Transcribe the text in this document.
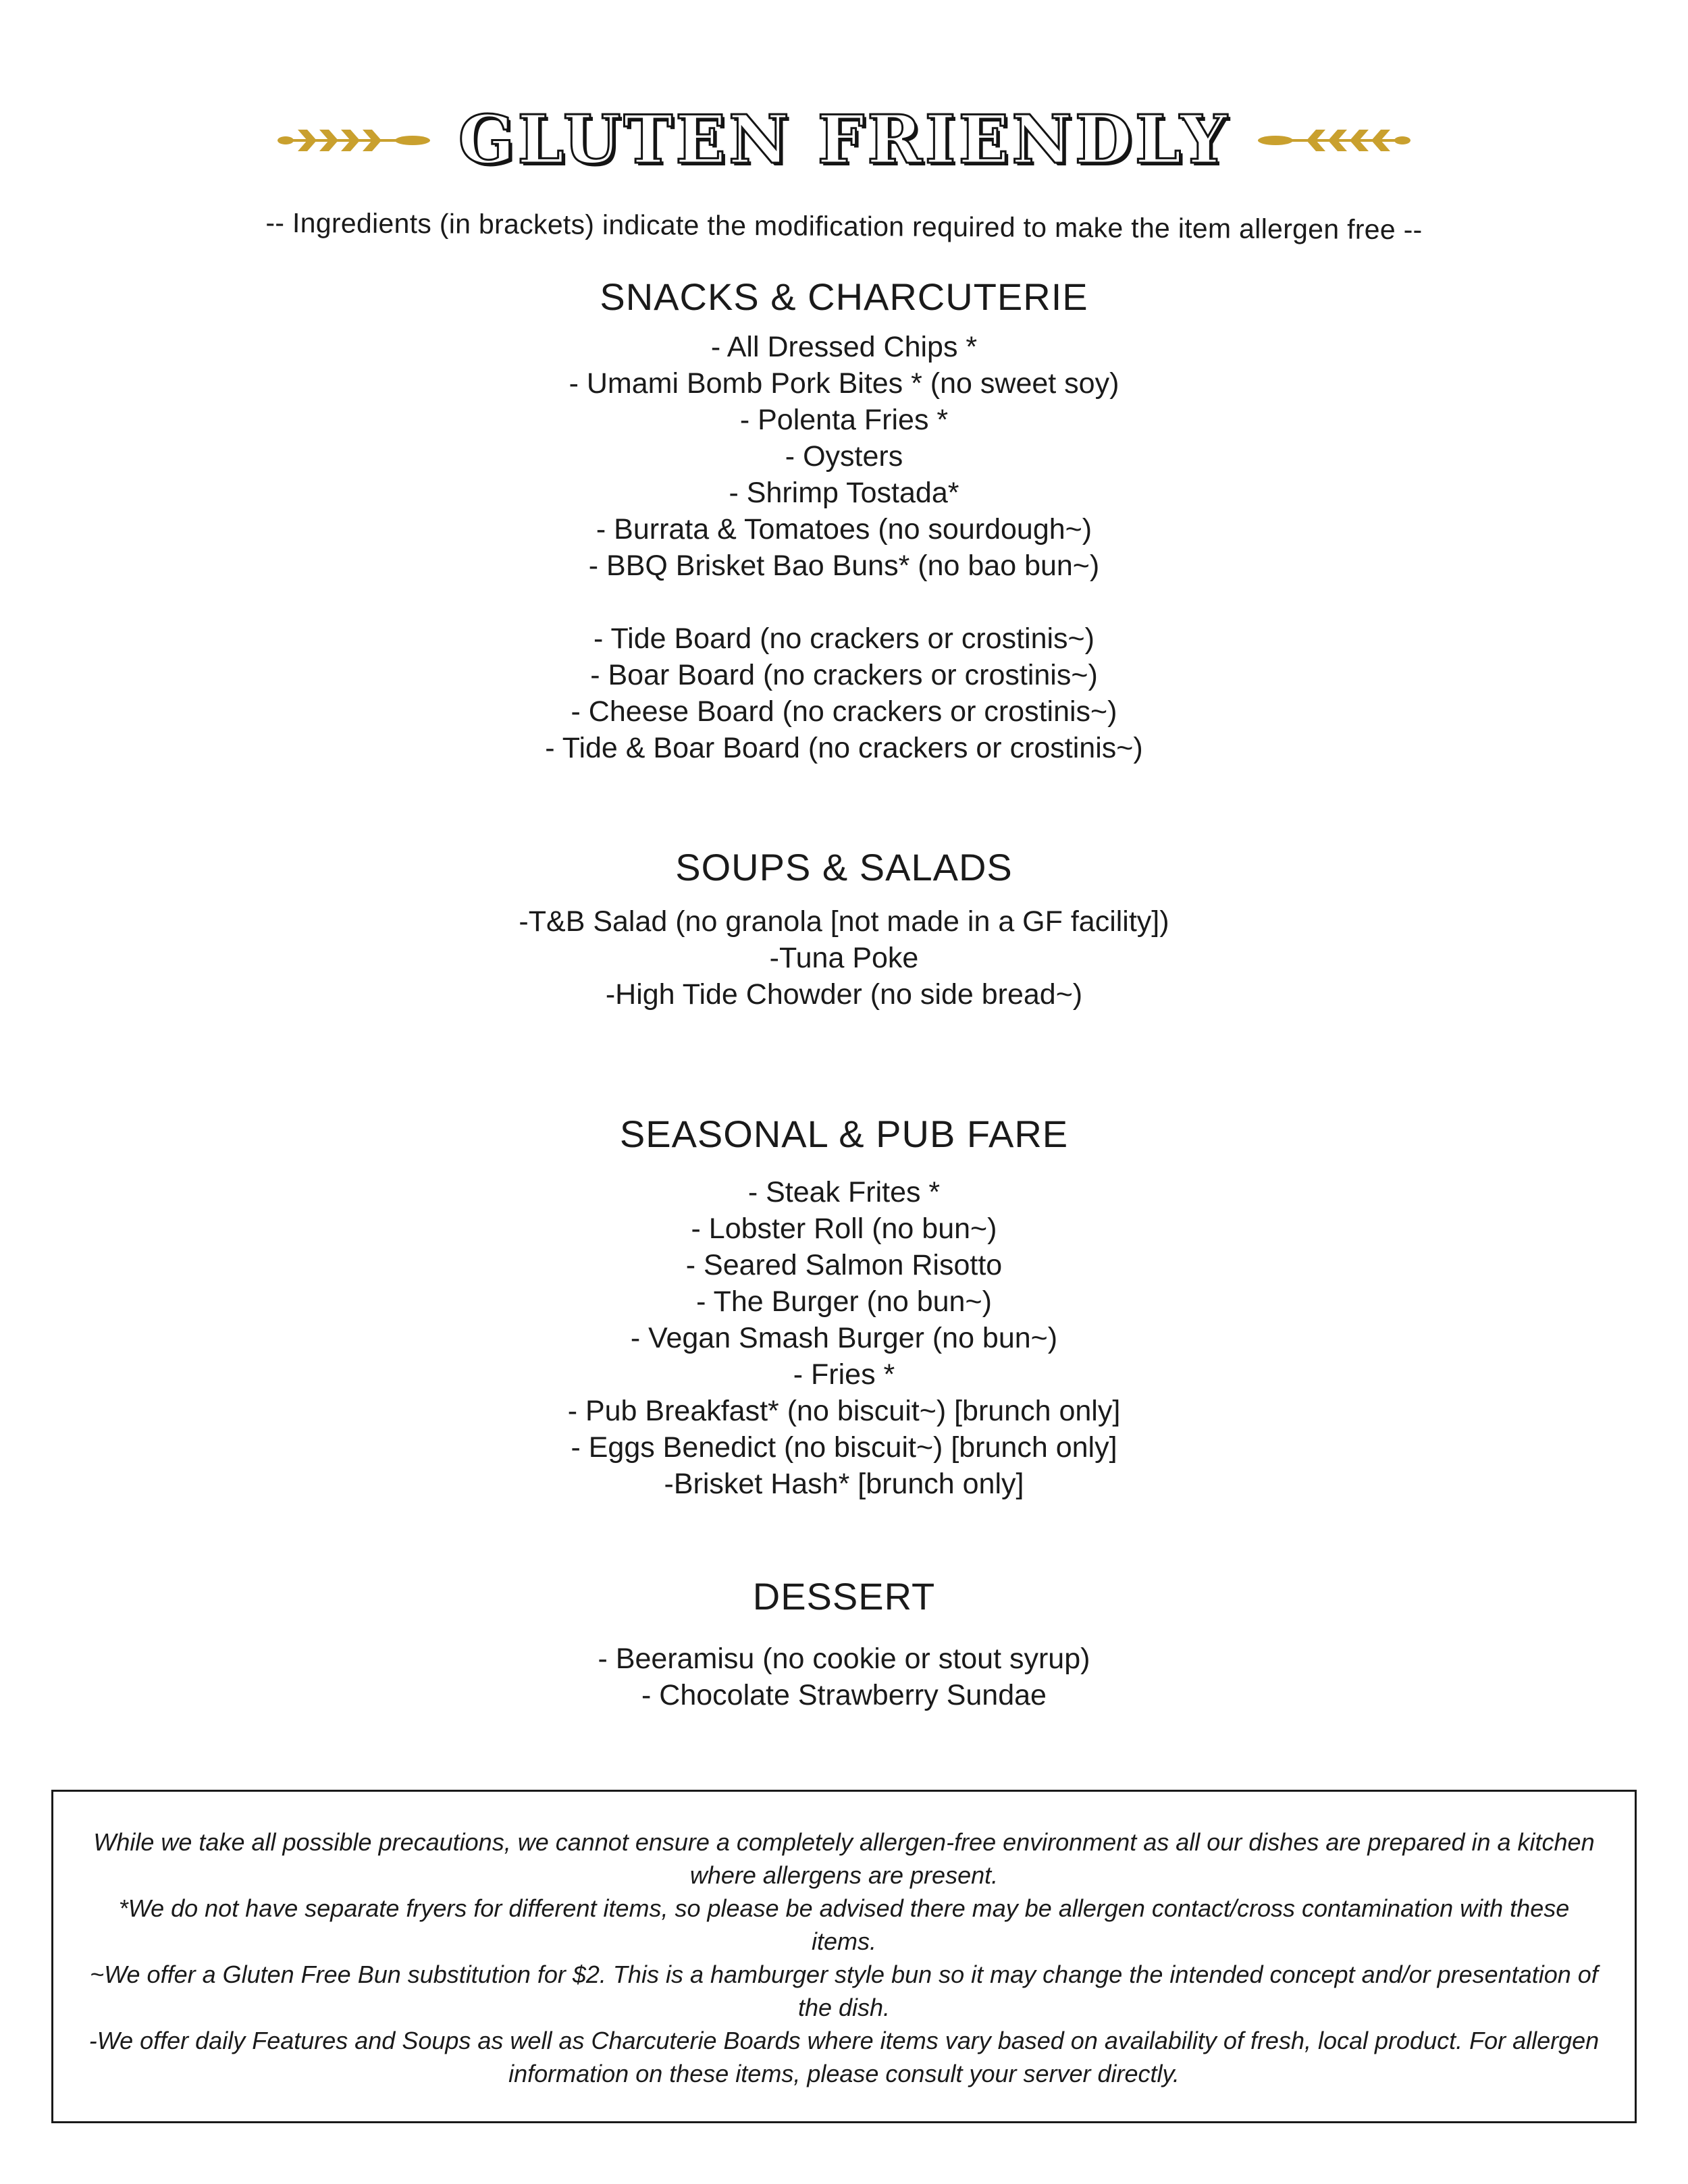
GLUTEN FRIENDLY
-- Ingredients (in brackets) indicate the modification required to make the item allergen free --
SNACKS & CHARCUTERIE
- All Dressed Chips *
- Umami Bomb Pork Bites * (no sweet soy)
- Polenta Fries *
- Oysters
- Shrimp Tostada*
- Burrata & Tomatoes (no sourdough~)
- BBQ Brisket Bao Buns* (no bao bun~)
- Tide Board (no crackers or crostinis~)
- Boar Board (no crackers or crostinis~)
- Cheese Board (no crackers or crostinis~)
- Tide & Boar Board (no crackers or crostinis~)
SOUPS & SALADS
-T&B Salad (no granola [not made in a GF facility])
-Tuna Poke
-High Tide Chowder (no side bread~)
SEASONAL & PUB FARE
- Steak Frites *
- Lobster Roll (no bun~)
- Seared Salmon Risotto
- The Burger (no bun~)
- Vegan Smash Burger (no bun~)
- Fries *
- Pub Breakfast* (no biscuit~) [brunch only]
- Eggs Benedict (no biscuit~) [brunch only]
-Brisket Hash* [brunch only]
DESSERT
- Beeramisu (no cookie or stout syrup)
- Chocolate Strawberry Sundae

While we take all possible precautions, we cannot ensure a completely allergen-free environment as all our dishes are prepared in a kitchen where allergens are present.

*We do not have separate fryers for different items, so please be advised there may be allergen contact/cross contamination with these items.

~We offer a Gluten Free Bun substitution for $2. This is a hamburger style bun so it may change the intended concept and/or presentation of the dish.

-We offer daily Features and Soups as well as Charcuterie Boards where items vary based on availability of fresh, local product. For allergen information on these items, please consult your server directly.
